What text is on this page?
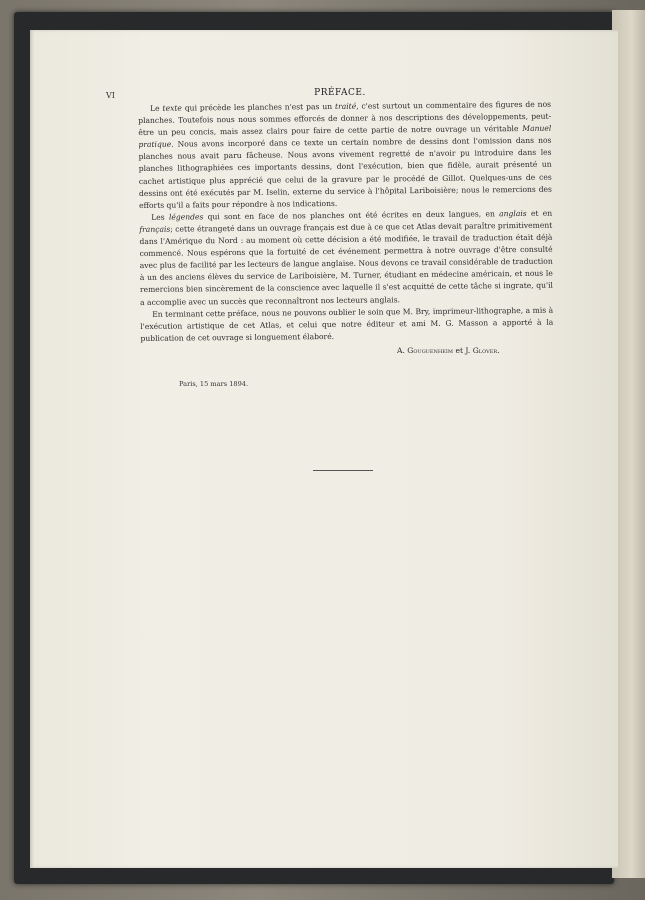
VI	PRÉFACE.

Le texte qui précède les planches n'est pas un traité, c'est surtout un commentaire des figures de nos planches. Toutefois nous nous sommes efforcés de donner à nos descriptions des développements, peut-être un peu concis, mais assez clairs pour faire de cette partie de notre ouvrage un véritable Manuel pratique. Nous avons incorporé dans ce texte un certain nombre de dessins dont l'omission dans nos planches nous avait paru fâcheuse. Nous avons vivement regretté de n'avoir pu introduire dans les planches lithographiées ces importants dessins, dont l'exécution, bien que fidèle, aurait présenté un cachet artistique plus apprécié que celui de la gravure par le procédé de Gillot. Quelques-uns de ces dessins ont été exécutés par M. Iselin, externe du service à l'hôpital Lariboisière; nous le remercions des efforts qu'il a faits pour répondre à nos indications.

Les légendes qui sont en face de nos planches ont été écrites en deux langues, en anglais et en français; cette étrangeté dans un ouvrage français est due à ce que cet Atlas devait paraître primitivement dans l'Amérique du Nord : au moment où cette décision a été modifiée, le travail de traduction était déjà commencé. Nous espérons que la fortuité de cet événement permettra à notre ouvrage d'être consulté avec plus de facilité par les lecteurs de langue anglaise. Nous devons ce travail considérable de traduction à un des anciens élèves du service de Lariboisière, M. Turner, étudiant en médecine américain, et nous le remercions bien sincèrement de la conscience avec laquelle il s'est acquitté de cette tâche si ingrate, qu'il a accomplie avec un succès que reconnaîtront nos lecteurs anglais.

En terminant cette préface, nous ne pouvons oublier le soin que M. Bry, imprimeur-lithographe, a mis à l'exécution artistique de cet Atlas, et celui que notre éditeur et ami M. G. Masson a apporté à la publication de cet ouvrage si longuement élaboré.

A. Gouguenheim et J. Glover.
Paris, 15 mars 1894.
